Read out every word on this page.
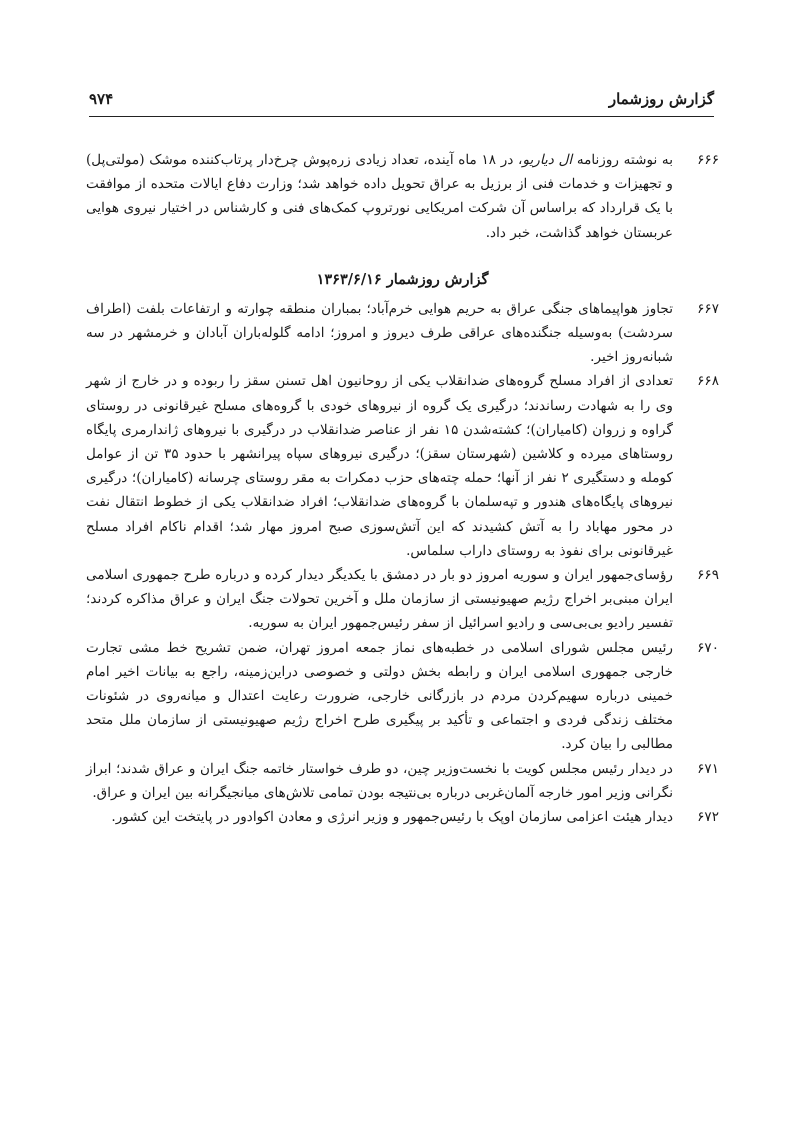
گزارش روزشمار
۹۷۴

۶۶۶
به نوشته روزنامه ال دیاریو، در ۱۸ ماه آینده، تعداد زیادی زره‌پوش چرخ‌دار پرتاب‌کننده موشک (مولتی‌پل) و تجهیزات و خدمات فنی از برزیل به عراق تحویل داده خواهد شد؛ وزارت دفاع ایالات متحده از موافقت با یک قرارداد که براساس آن شرکت امریکایی نورتروپ کمک‌های فنی و کارشناس در اختیار نیروی هوایی عربستان خواهد گذاشت، خبر داد.

گزارش روزشمار ۱۳۶۳/۶/۱۶

۶۶۷
تجاوز هواپیماهای جنگی عراق به حریم هوایی خرم‌آباد؛ بمباران منطقه چوارته و ارتفاعات بلفت (اطراف سردشت) به‌وسیله جنگنده‌های عراقی طرف دیروز و امروز؛ ادامه گلوله‌باران آبادان و خرمشهر در سه شبانه‌روز اخیر.

۶۶۸
تعدادی از افراد مسلح گروه‌های ضدانقلاب یکی از روحانیون اهل تسنن سقز را ربوده و در خارج از شهر وی را به شهادت رساندند؛ درگیری یک گروه از نیروهای خودی با گروه‌های مسلح غیرقانونی در روستای گراوه و زروان (کامیاران)؛ کشته‌شدن ۱۵ نفر از عناصر ضدانقلاب در درگیری با نیروهای ژاندارمری پایگاه روستاهای میرده و کلاشین (شهرستان سقز)؛ درگیری نیروهای سپاه پیرانشهر با حدود ۳۵ تن از عوامل کومله و دستگیری ۲ نفر از آنها؛ حمله چته‌های حزب دمکرات به مقر روستای چرسانه (کامیاران)؛ درگیری نیروهای پایگاه‌های هندور و تپه‌سلمان با گروه‌های ضدانقلاب؛ افراد ضدانقلاب یکی از خطوط انتقال نفت در محور مهاباد را به آتش کشیدند که این آتش‌سوزی صبح امروز مهار شد؛ اقدام ناکام افراد مسلح غیرقانونی برای نفوذ به روستای داراب سلماس.

۶۶۹
رؤسای‌جمهور ایران و سوریه امروز دو بار در دمشق با یکدیگر دیدار کرده و درباره طرح جمهوری اسلامی ایران مبنی‌بر اخراج رژیم صهیونیستی از سازمان ملل و آخرین تحولات جنگ ایران و عراق مذاکره کردند؛ تفسیر رادیو بی‌بی‌سی و رادیو اسرائیل از سفر رئیس‌جمهور ایران به سوریه.

۶۷۰
رئیس مجلس شورای اسلامی در خطبه‌های نماز جمعه امروز تهران، ضمن تشریح خط مشی تجارت خارجی جمهوری اسلامی ایران و رابطه بخش دولتی و خصوصی دراین‌زمینه، راجع به بیانات اخیر امام خمینی درباره سهیم‌کردن مردم در بازرگانی خارجی، ضرورت رعایت اعتدال و میانه‌روی در شئونات مختلف زندگی فردی و اجتماعی و تأکید بر پیگیری طرح اخراج رژیم صهیونیستی از سازمان ملل متحد مطالبی را بیان کرد.

۶۷۱
در دیدار رئیس مجلس کویت با نخست‌وزیر چین، دو طرف خواستار خاتمه جنگ ایران و عراق شدند؛ ابراز نگرانی وزیر امور خارجه آلمان‌غربی درباره بی‌نتیجه بودن تمامی تلاش‌های میانجیگرانه بین ایران و عراق.

۶۷۲
دیدار هیئت اعزامی سازمان اوپک با رئیس‌جمهور و وزیر انرژی و معادن اکوادور در پایتخت این کشور.
